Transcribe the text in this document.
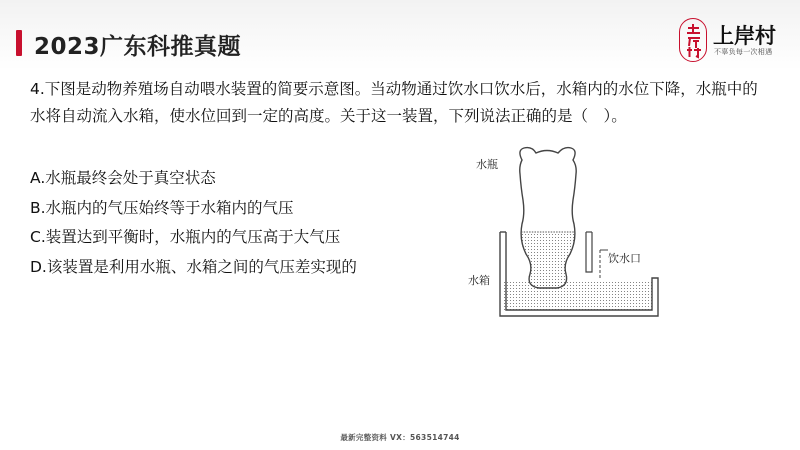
2023广东科推真题	上岸村
不辜负每一次相遇
4.下图是动物养殖场自动喂水装置的简要示意图。当动物通过饮水口饮水后，水箱内的水位下降，水瓶中的水将自动流入水箱，使水位回到一定的高度。关于这一装置，下列说法正确的是（　）。
A.水瓶最终会处于真空状态
B.水瓶内的气压始终等于水箱内的气压
C.装置达到平衡时，水瓶内的气压高于大气压
D.该装置是利用水瓶、水箱之间的气压差实现的
水瓶
饮水口
水箱
最新完整资料 VX：563514744
